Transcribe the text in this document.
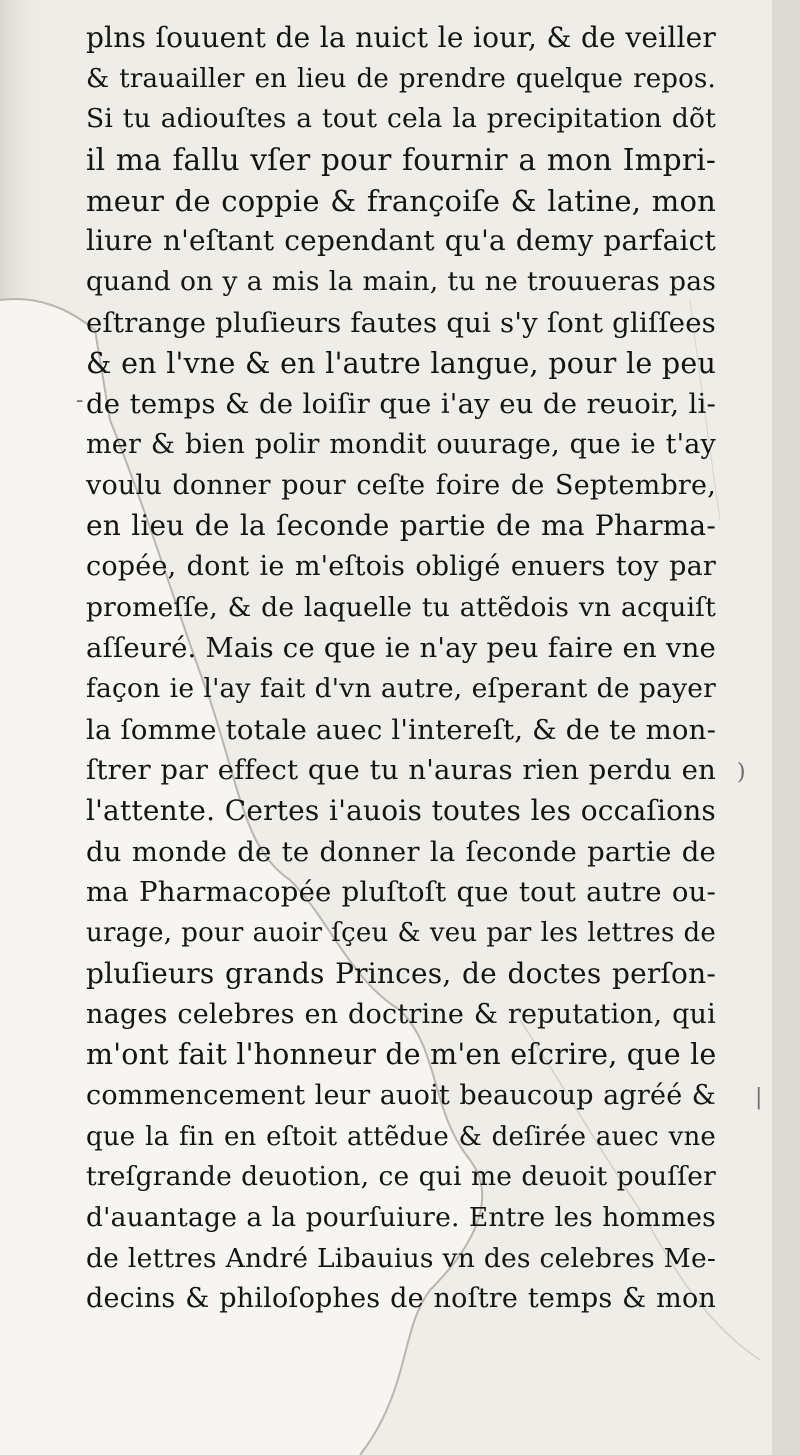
-
)
|
plns ſouuent de la nuict le iour, & de veiller
& trauailler en lieu de prendre quelque repos.
Si tu adiouſtes a tout cela la precipitation dõt
il ma fallu vſer pour fournir a mon Impri-
meur de coppie & françoiſe & latine, mon
liure n'eſtant cependant qu'a demy parfaict
quand on y a mis la main, tu ne trouueras pas
eſtrange pluſieurs fautes qui s'y ſont gliſſees
& en l'vne & en l'autre langue, pour le peu
de temps & de loiſir que i'ay eu de reuoir, li-
mer & bien polir mondit ouurage, que ie t'ay
voulu donner pour ceſte foire de Septembre,
en lieu de la ſeconde partie de ma Pharma-
copée, dont ie m'eſtois obligé enuers toy par
promeſſe, & de laquelle tu attẽdois vn acquiſt
aſſeuré. Mais ce que ie n'ay peu faire en vne
façon ie l'ay fait d'vn autre, eſperant de payer
la ſomme totale auec l'intereſt, & de te mon-
ſtrer par effect que tu n'auras rien perdu en
l'attente. Certes i'auois toutes les occaſions
du monde de te donner la ſeconde partie de
ma Pharmacopée pluſtoſt que tout autre ou-
urage, pour auoir ſçeu & veu par les lettres de
pluſieurs grands Princes, de doctes perſon-
nages celebres en doctrine & reputation, qui
m'ont fait l'honneur de m'en eſcrire, que le
commencement leur auoit beaucoup agréé &
que la fin en eſtoit attẽdue & deſirée auec vne
treſgrande deuotion, ce qui me deuoit pouſſer
d'auantage a la pourſuiure. Entre les hommes
de lettres André Libauius vn des celebres Me-
decins & philoſophes de noſtre temps & mon
